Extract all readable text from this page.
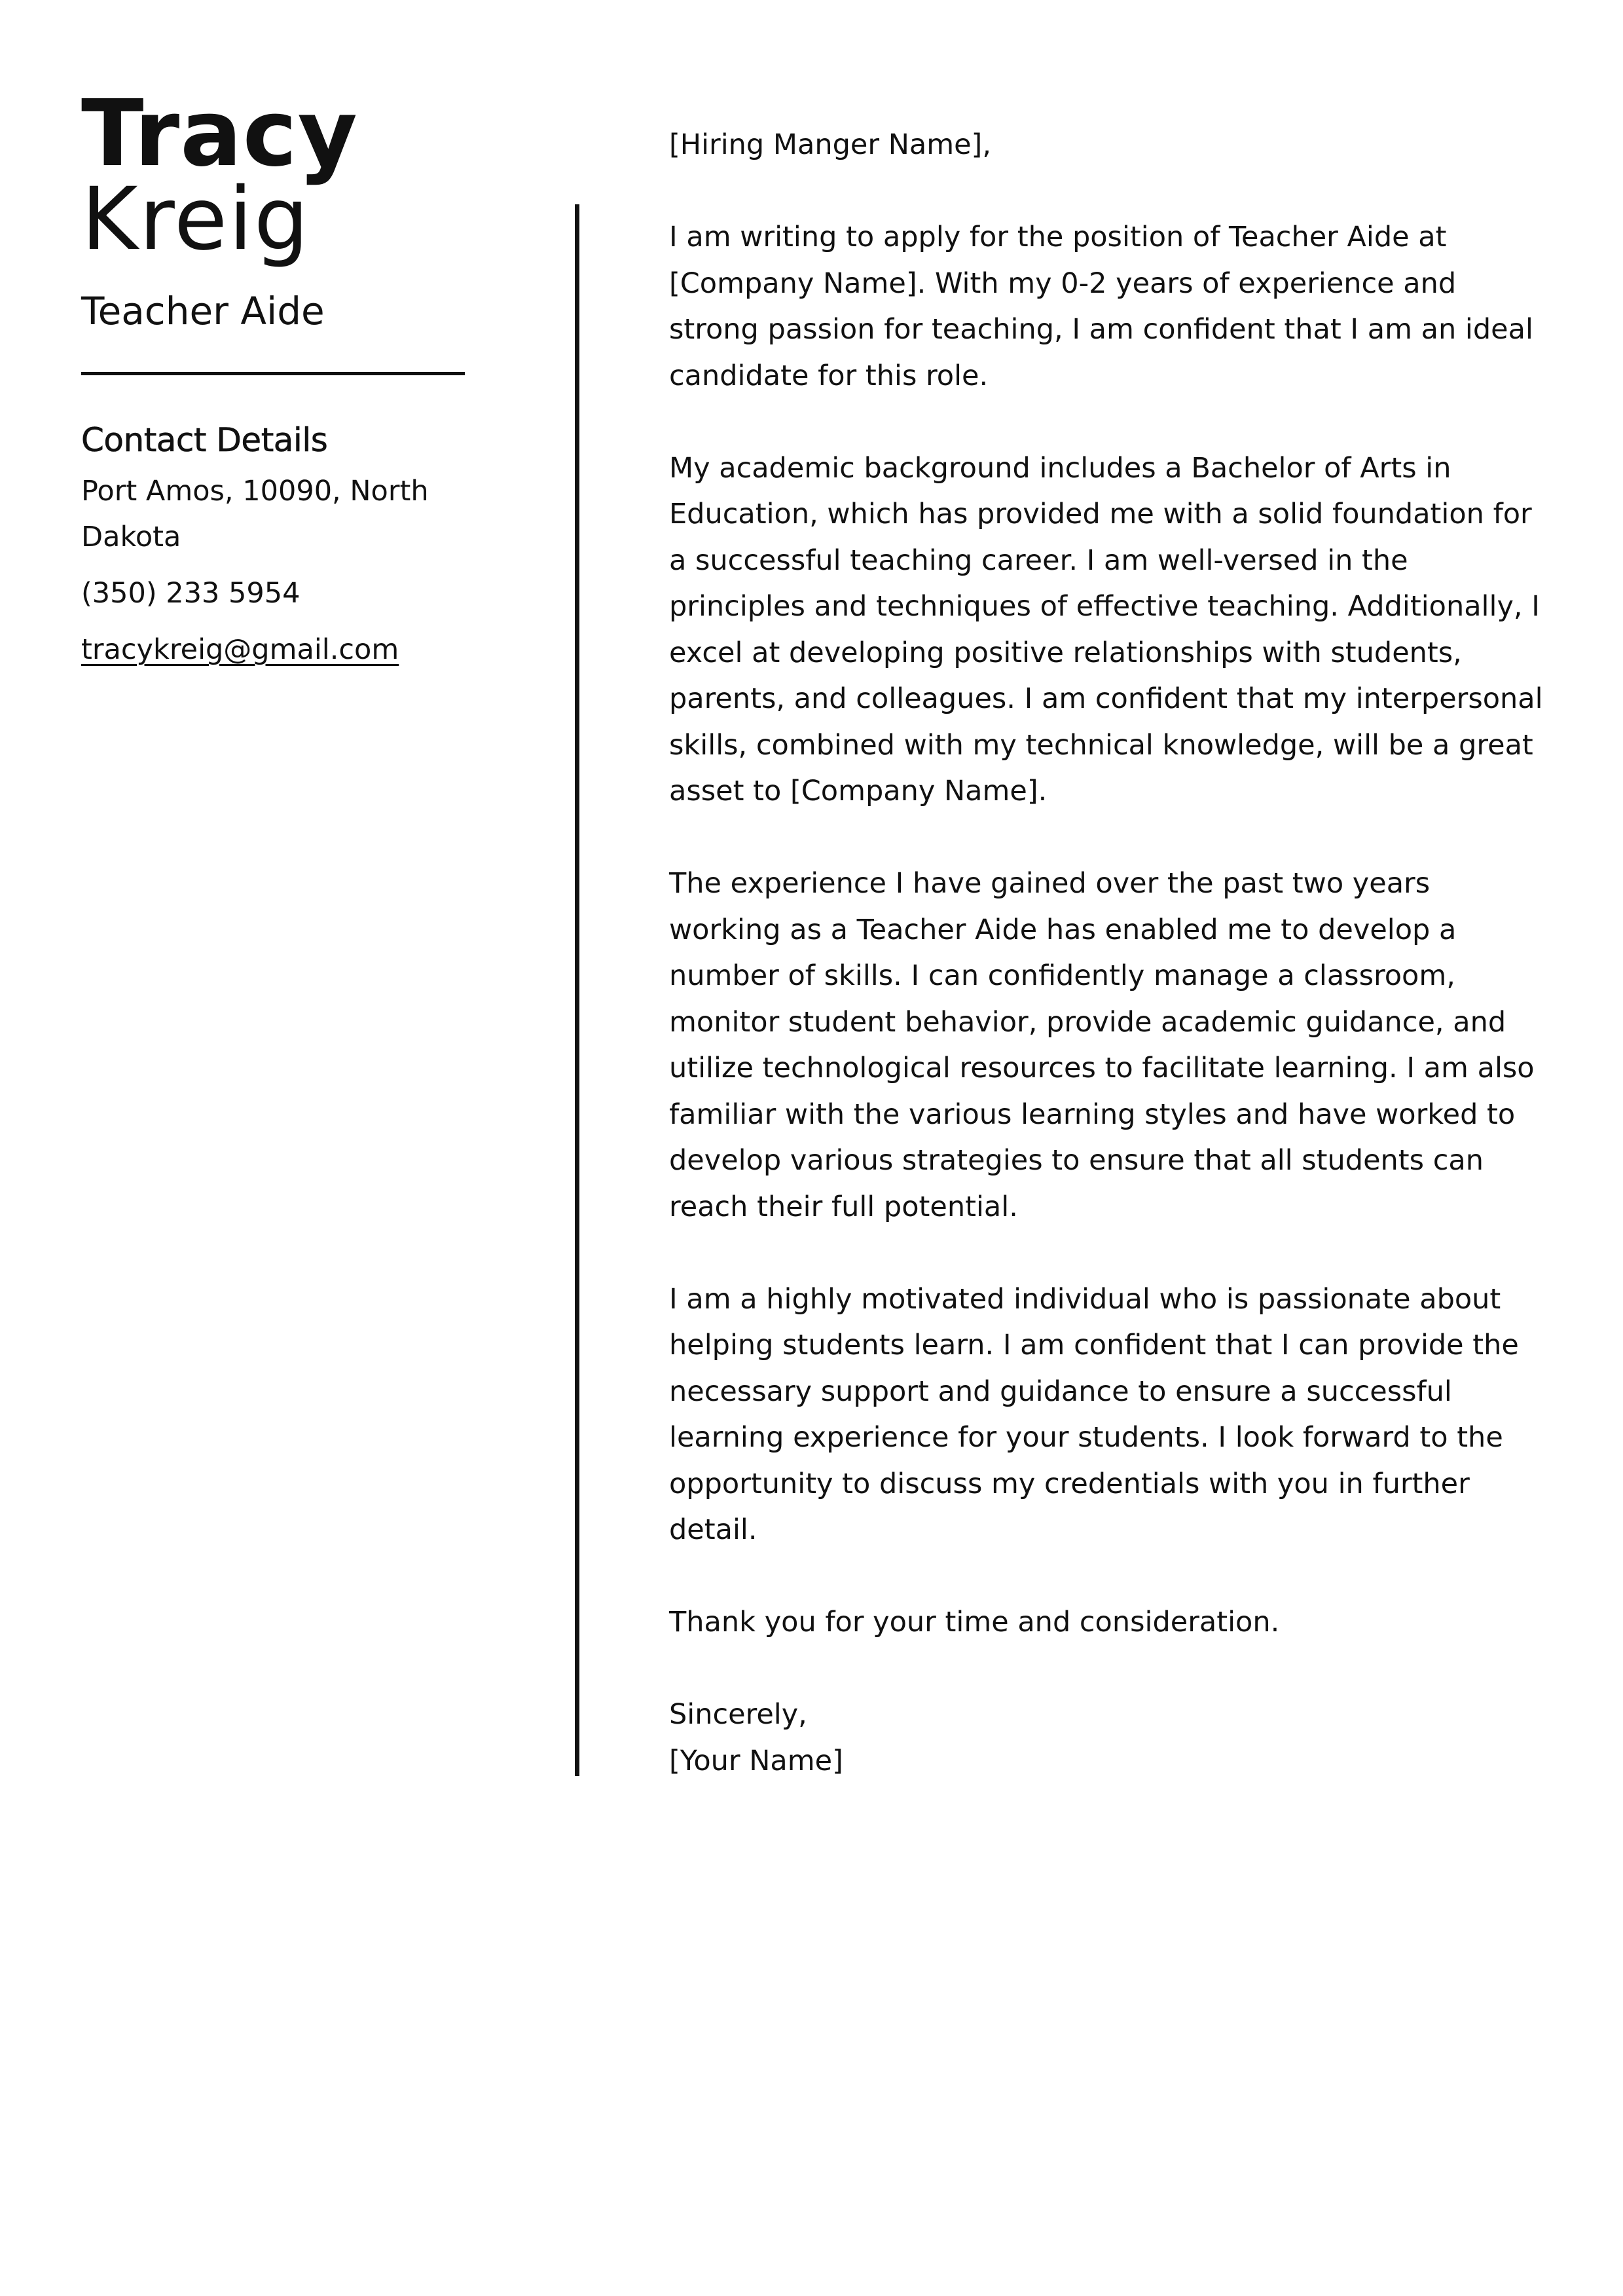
Tracy
Kreig
Teacher Aide
Contact Details
Port Amos, 10090, North Dakota
(350) 233 5954
tracykreig@gmail.com

[Hiring Manger Name],

I am writing to apply for the position of Teacher Aide at [Company Name]. With my 0-2 years of experience and strong passion for teaching, I am confident that I am an ideal candidate for this role.

My academic background includes a Bachelor of Arts in Education, which has provided me with a solid foundation for a successful teaching career. I am well-versed in the principles and techniques of effective teaching. Additionally, I excel at developing positive relationships with students, parents, and colleagues. I am confident that my interpersonal skills, combined with my technical knowledge, will be a great asset to [Company Name].

The experience I have gained over the past two years working as a Teacher Aide has enabled me to develop a number of skills. I can confidently manage a classroom, monitor student behavior, provide academic guidance, and utilize technological resources to facilitate learning. I am also familiar with the various learning styles and have worked to develop various strategies to ensure that all students can reach their full potential.

I am a highly motivated individual who is passionate about helping students learn. I am confident that I can provide the necessary support and guidance to ensure a successful learning experience for your students. I look forward to the opportunity to discuss my credentials with you in further detail.

Thank you for your time and consideration.

Sincerely,

[Your Name]
